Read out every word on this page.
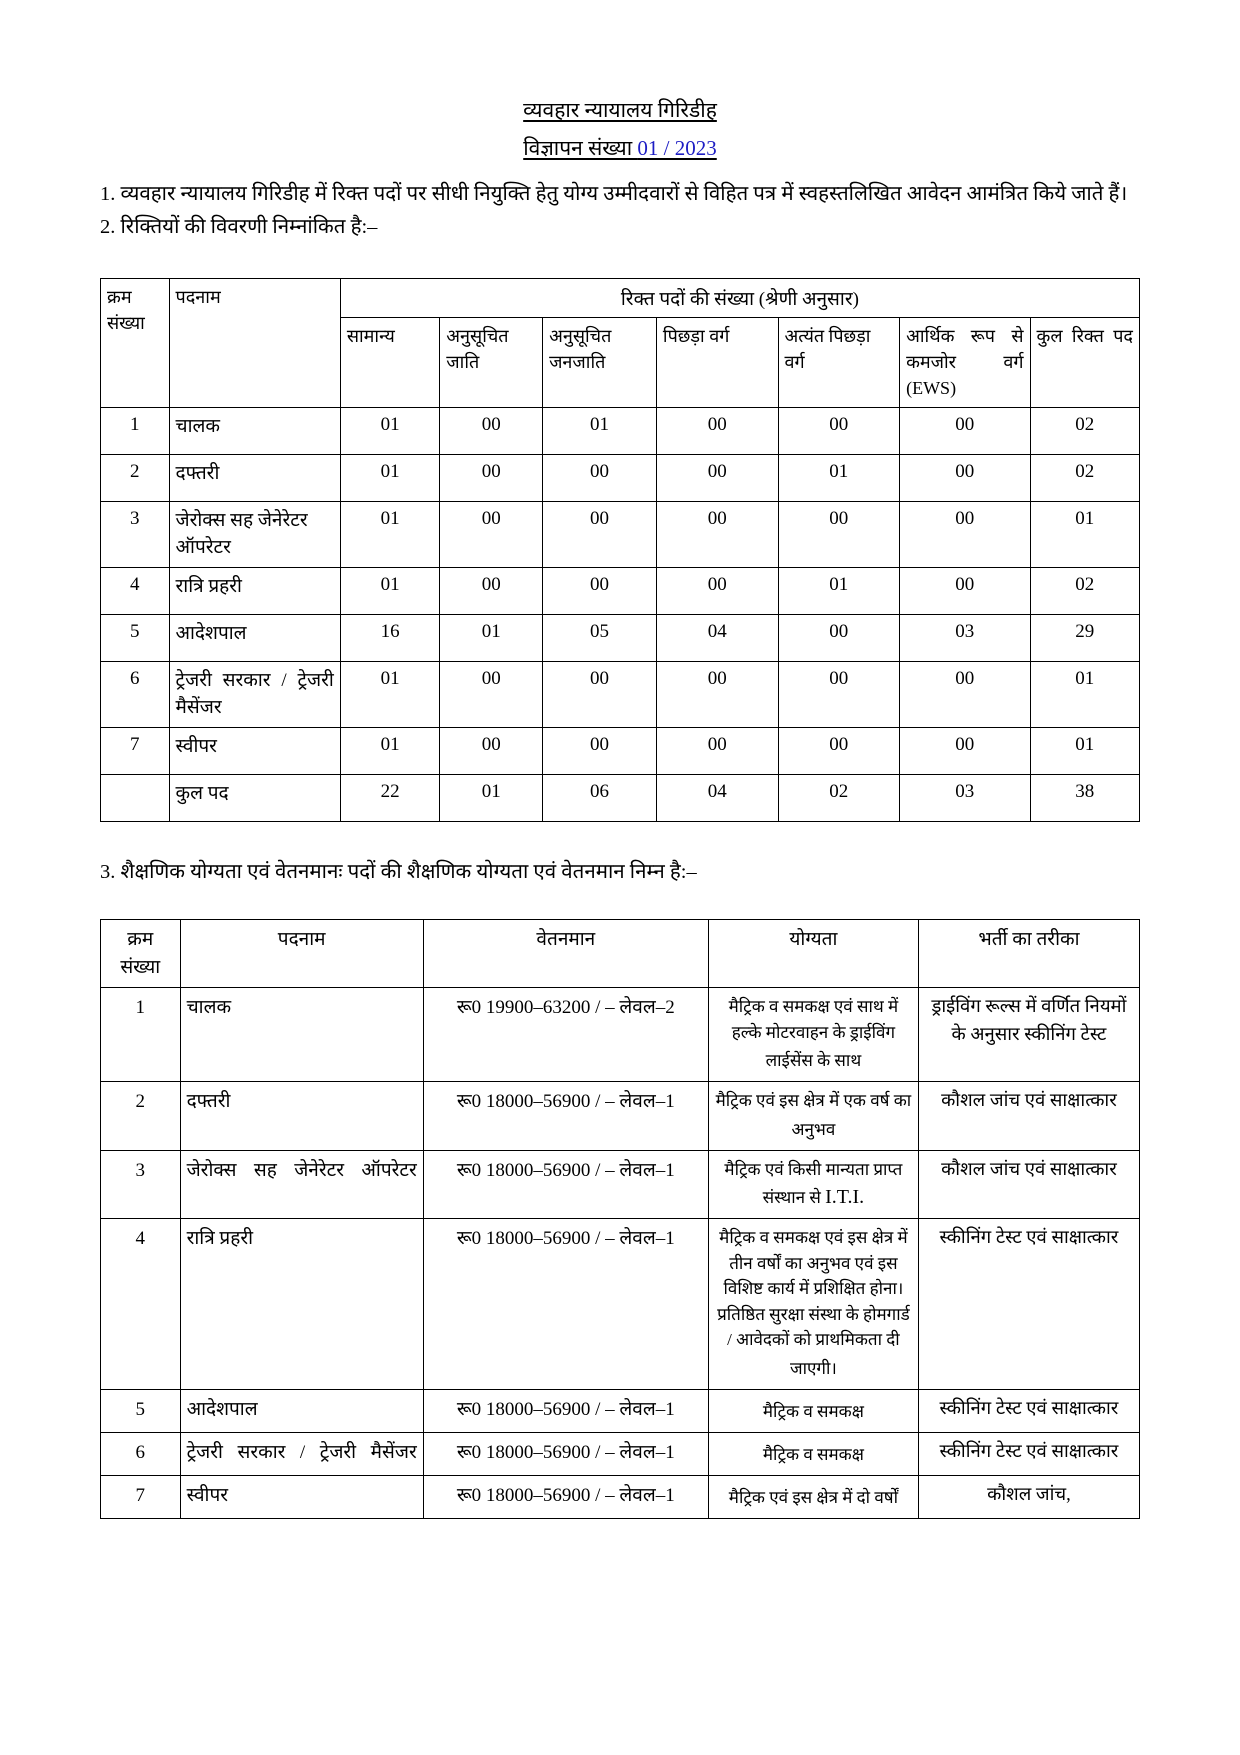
व्यवहार न्यायालय गिरिडीह
विज्ञापन संख्या 01 / 2023

1. व्यवहार न्यायालय गिरिडीह में रिक्त पदों पर सीधी नियुक्ति हेतु योग्य उम्मीदवारों से विहित पत्र में स्वहस्तलिखित आवेदन आमंत्रित किये जाते हैं।

2. रिक्तियों की विवरणी निम्नांकित है:–

क्रम संख्या	पदनाम	रिक्त पदों की संख्या (श्रेणी अनुसार)						
		सामान्य	अनुसूचित जाति	अनुसूचित जनजाति	पिछड़ा वर्ग	अत्यंत पिछड़ा वर्ग	आर्थिक रूप से कमजोर वर्ग (EWS)	कुल रिक्त पद
1	चालक	01	00	01	00	00	00	02
2	दफ्तरी	01	00	00	00	01	00	02
3	जेरोक्स सह जेनेरेटर ऑपरेटर	01	00	00	00	00	00	01
4	रात्रि प्रहरी	01	00	00	00	01	00	02
5	आदेशपाल	16	01	05	04	00	03	29
6	ट्रेजरी सरकार / ट्रेजरी मैसेंजर	01	00	00	00	00	00	01
7	स्वीपर	01	00	00	00	00	00	01
	कुल पद	22	01	06	04	02	03	38

3. शैक्षणिक योग्यता एवं वेतनमानः पदों की शैक्षणिक योग्यता एवं वेतनमान निम्न है:–

क्रम संख्या	पदनाम	वेतनमान	योग्यता	भर्ती का तरीका
1	चालक	रू0 19900–63200 / – लेवल–2	मैट्रिक व समकक्ष एवं साथ में हल्के मोटरवाहन के ड्राईविंग लाईसेंस के साथ	ड्राईविंग रूल्स में वर्णित नियमों के अनुसार स्कीनिंग टेस्ट
2	दफ्तरी	रू0 18000–56900 / – लेवल–1	मैट्रिक एवं इस क्षेत्र में एक वर्ष का अनुभव	कौशल जांच एवं साक्षात्कार
3	जेरोक्स सह जेनेरेटर ऑपरेटर	रू0 18000–56900 / – लेवल–1	मैट्रिक एवं किसी मान्यता प्राप्त संस्थान से I.T.I.	कौशल जांच एवं साक्षात्कार
4	रात्रि प्रहरी	रू0 18000–56900 / – लेवल–1	मैट्रिक व समकक्ष एवं इस क्षेत्र में तीन वर्षों का अनुभव एवं इस विशिष्ट कार्य में प्रशिक्षित होना। प्रतिष्ठित सुरक्षा संस्था के होमगार्ड / आवेदकों को प्राथमिकता दी जाएगी।	स्कीनिंग टेस्ट एवं साक्षात्कार
5	आदेशपाल	रू0 18000–56900 / – लेवल–1	मैट्रिक व समकक्ष	स्कीनिंग टेस्ट एवं साक्षात्कार
6	ट्रेजरी सरकार / ट्रेजरी मैसेंजर	रू0 18000–56900 / – लेवल–1	मैट्रिक व समकक्ष	स्कीनिंग टेस्ट एवं साक्षात्कार
7	स्वीपर	रू0 18000–56900 / – लेवल–1	मैट्रिक एवं इस क्षेत्र में दो वर्षों	कौशल जांच,
